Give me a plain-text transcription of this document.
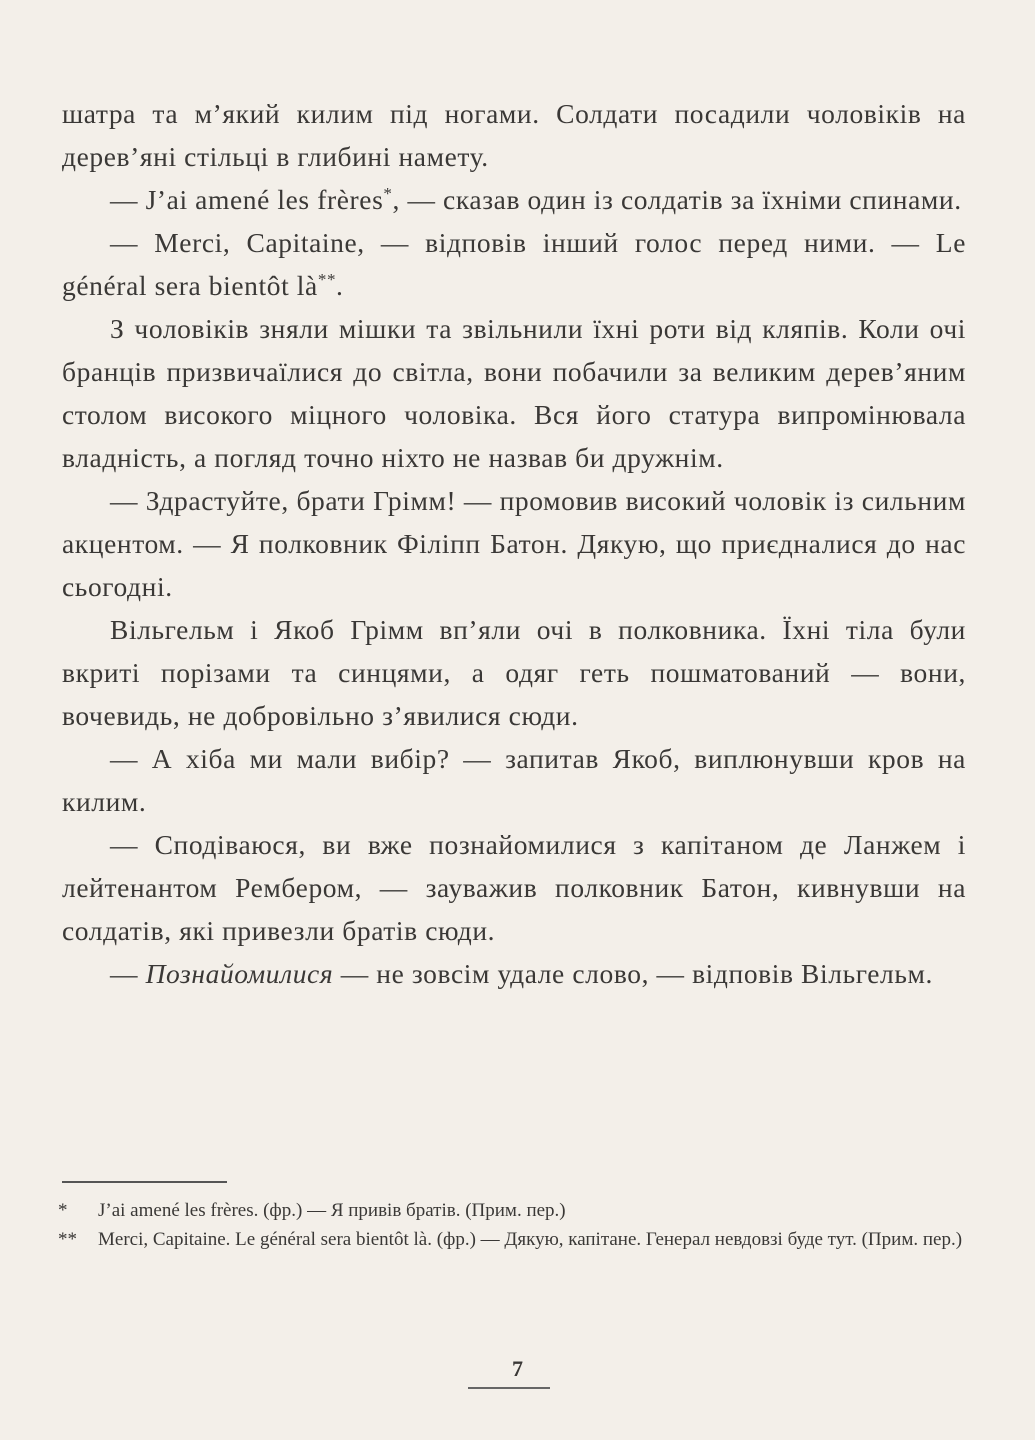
шатра та м’який килим під ногами. Солдати посадили чоловіків на дерев’яні стільці в глибині намету.

— J’ai amené les frères*, — сказав один із солдатів за їхніми спинами.

— Merci, Capitaine, — відповів інший голос перед ними. — Le général sera bientôt là**.

З чоловіків зняли мішки та звільнили їхні роти від кляпів. Коли очі бранців призвичаїлися до світла, вони побачили за великим дерев’яним столом високого міцного чоловіка. Вся його статура випромінювала владність, а погляд точно ніхто не назвав би дружнім.

— Здрастуйте, брати Грімм! — промовив високий чоловік із сильним акцентом. — Я полковник Філіпп Батон. Дякую, що приєдналися до нас сьогодні.

Вільгельм і Якоб Грімм вп’яли очі в полковника. Їхні тіла були вкриті порізами та синцями, а одяг геть пошматований — вони, вочевидь, не добровільно з’явилися сюди.

— А хіба ми мали вибір? — запитав Якоб, виплюнувши кров на килим.

— Сподіваюся, ви вже познайомилися з капітаном де Ланжем і лейтенантом Рембером, — зауважив полковник Батон, кивнувши на солдатів, які привезли братів сюди.

— Познайомилися — не зовсім удале слово, — відповів Вільгельм.

* J’ai amené les frères. (фр.) — Я привів братів. (Прим. пер.)

** Merci, Capitaine. Le général sera bientôt là. (фр.) — Дякую, капітане. Генерал невдовзі буде тут. (Прим. пер.)

7
